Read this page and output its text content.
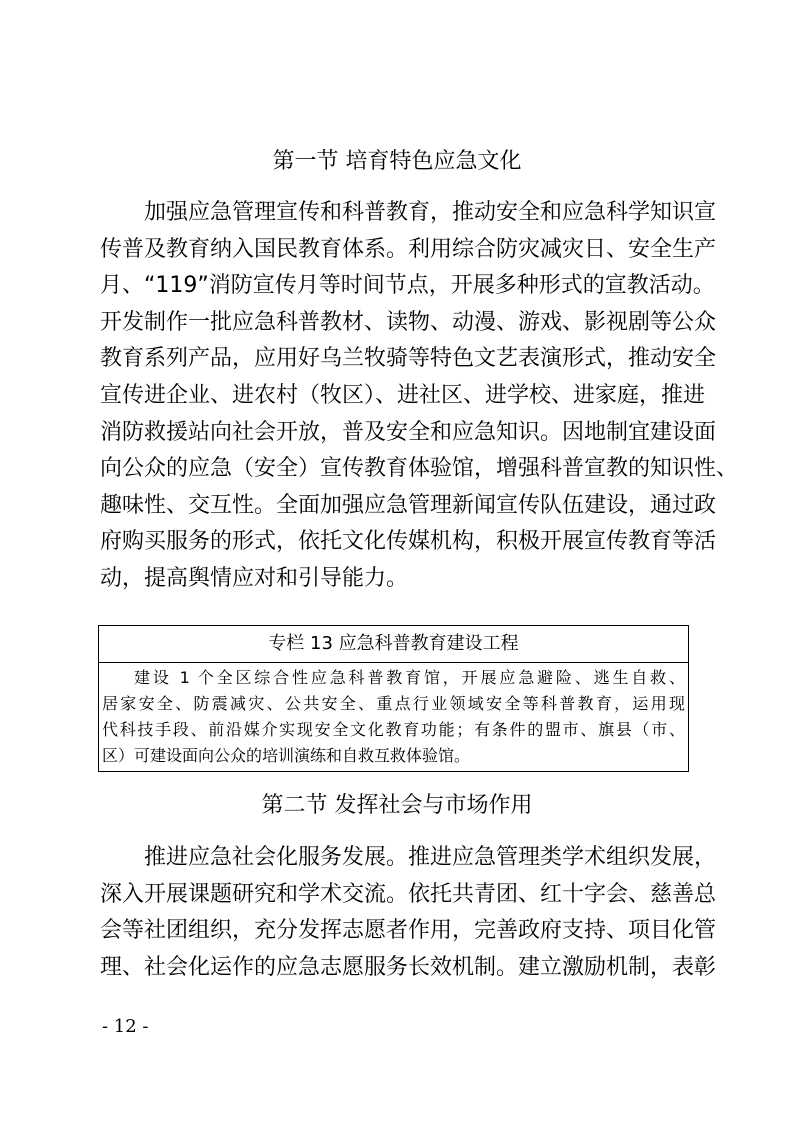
第一节 培育特色应急文化
加强应急管理宣传和科普教育，推动安全和应急科学知识宣
传普及教育纳入国民教育体系。利用综合防灾减灾日、安全生产
月、“119”消防宣传月等时间节点，开展多种形式的宣教活动。
开发制作一批应急科普教材、读物、动漫、游戏、影视剧等公众
教育系列产品，应用好乌兰牧骑等特色文艺表演形式，推动安全
宣传进企业、进农村（牧区）、进社区、进学校、进家庭，推进
消防救援站向社会开放，普及安全和应急知识。因地制宜建设面
向公众的应急（安全）宣传教育体验馆，增强科普宣教的知识性、
趣味性、交互性。全面加强应急管理新闻宣传队伍建设，通过政
府购买服务的形式，依托文化传媒机构，积极开展宣传教育等活
动，提高舆情应对和引导能力。
专栏 13 应急科普教育建设工程
建设 1 个全区综合性应急科普教育馆，开展应急避险、逃生自救、
居家安全、防震减灾、公共安全、重点行业领域安全等科普教育，运用现
代科技手段、前沿媒介实现安全文化教育功能；有条件的盟市、旗县（市、
区）可建设面向公众的培训演练和自救互救体验馆。
第二节 发挥社会与市场作用
推进应急社会化服务发展。推进应急管理类学术组织发展，
深入开展课题研究和学术交流。依托共青团、红十字会、慈善总
会等社团组织，充分发挥志愿者作用，完善政府支持、项目化管
理、社会化运作的应急志愿服务长效机制。建立激励机制，表彰
- 12 -
